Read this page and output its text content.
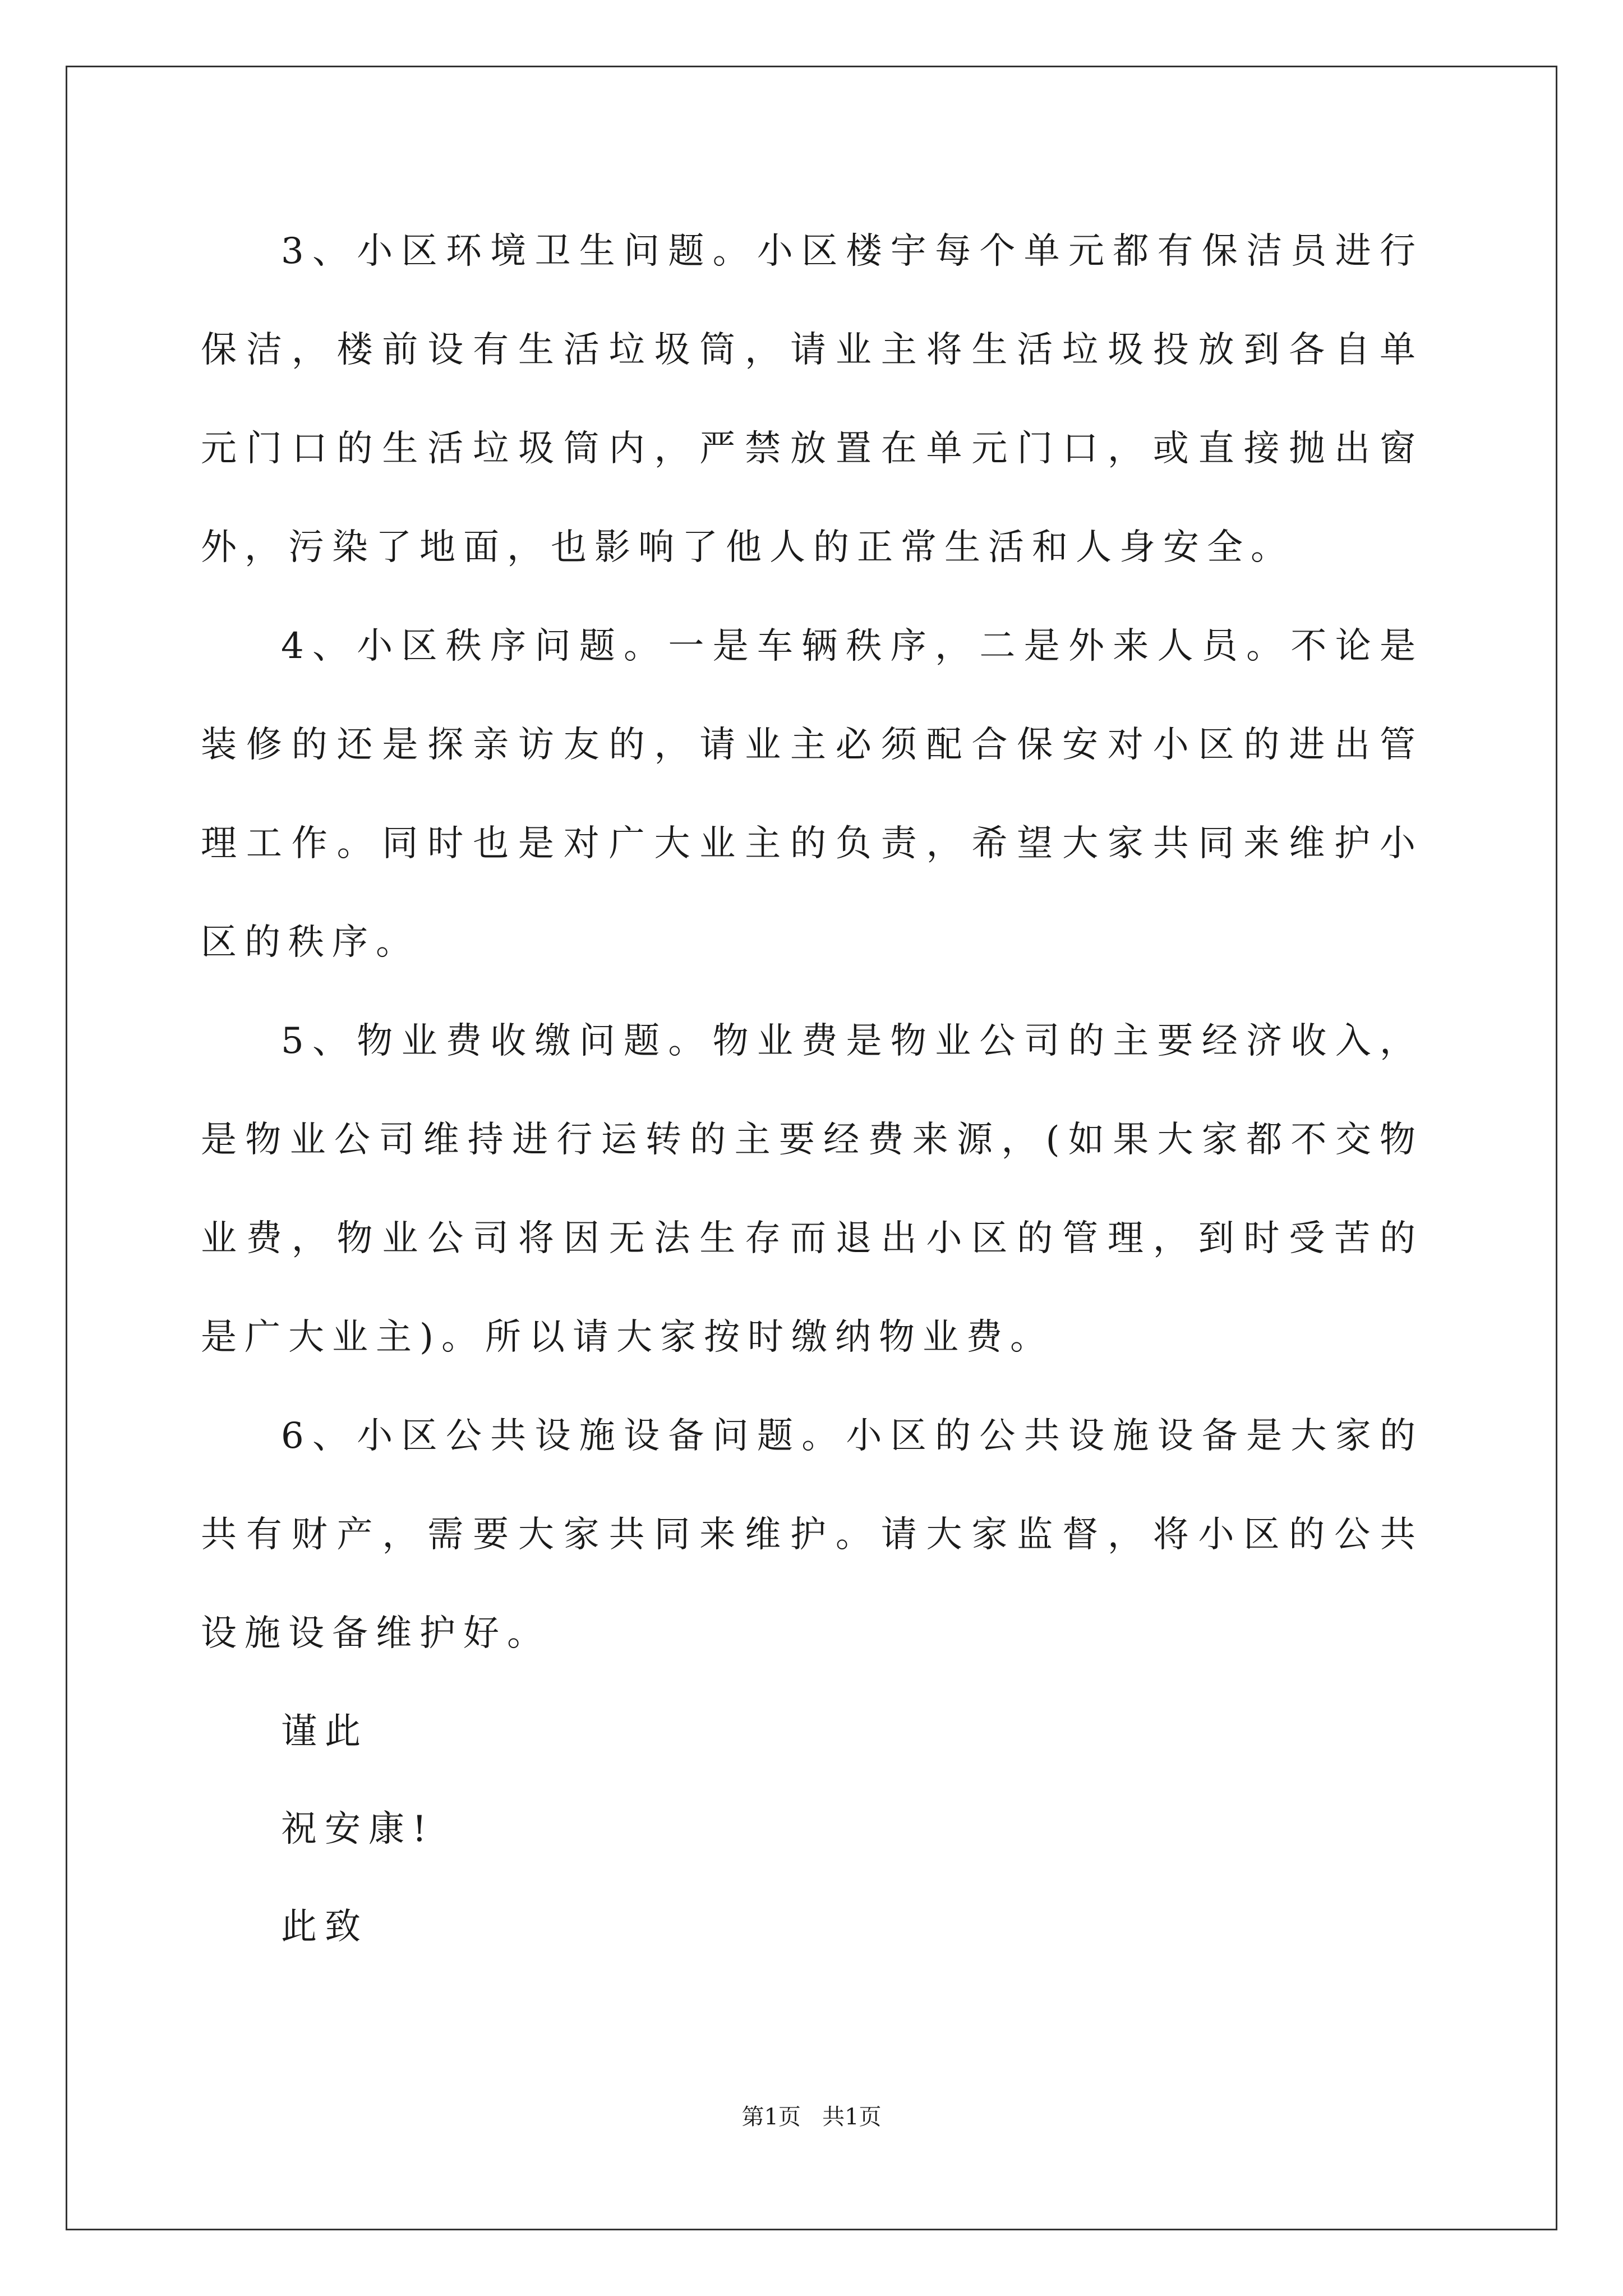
3、小区环境卫生问题。小区楼宇每个单元都有保洁员进行保洁，楼前设有生活垃圾筒，请业主将生活垃圾投放到各自单元门口的生活垃圾筒内，严禁放置在单元门口，或直接抛出窗外，污染了地面，也影响了他人的正常生活和人身安全。

4、小区秩序问题。一是车辆秩序，二是外来人员。不论是装修的还是探亲访友的，请业主必须配合保安对小区的进出管理工作。同时也是对广大业主的负责，希望大家共同来维护小区的秩序。

5、物业费收缴问题。物业费是物业公司的主要经济收入，是物业公司维持进行运转的主要经费来源，(如果大家都不交物业费，物业公司将因无法生存而退出小区的管理，到时受苦的是广大业主)。所以请大家按时缴纳物业费。

6、小区公共设施设备问题。小区的公共设施设备是大家的共有财产，需要大家共同来维护。请大家监督，将小区的公共设施设备维护好。

谨此

祝安康!

此致

第1页 共1页
